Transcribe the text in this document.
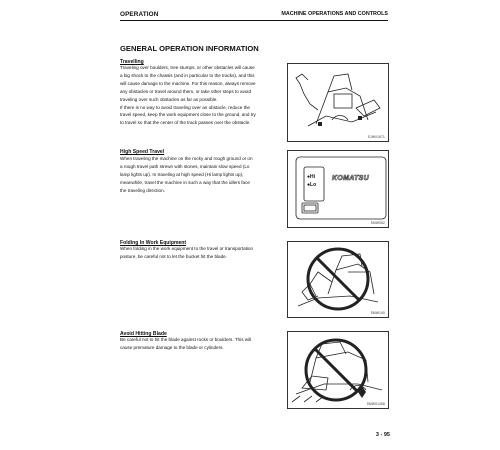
OPERATION	MACHINE OPERATIONS AND CONTROLS
GENERAL OPERATION INFORMATION
Travelling
Traveling over boulders, tree stumps, or other obstacles will cause
a big shock to the chassis (and in particular to the tracks), and this
will cause damage to the machine. For this reason, always remove
any obstacles or travel around them, or take other steps to avoid
traveling over such obstacles as far as possible.
If there is no way to avoid traveling over an obstacle, reduce the
travel speed, keep the work equipment close to the ground, and try
to travel so that the center of the track passes over the obstacle.
SJW01671
High Speed Travel
When traveling the machine on the rocky and rough ground or on
a rough travel path strewn with stones, maintain slow speed (Lo
lamp lights up). In traveling at high speed (Hi lamp lights up),
meanwhile, travel the machine in such a way that the idlers face
the traveling direction.
●Hi
●Lo
KOMATSU
SMW052
Folding In Work Equipment
When folding in the work equipment to the travel or transportation
posture, be careful not to let the bucket hit the blade.
SMW140
Avoid Hitting Blade
Be careful not to hit the blade against rocks or boulders. This will
cause premature damage to the blade or cylinders.
SMW01458
3 - 95
